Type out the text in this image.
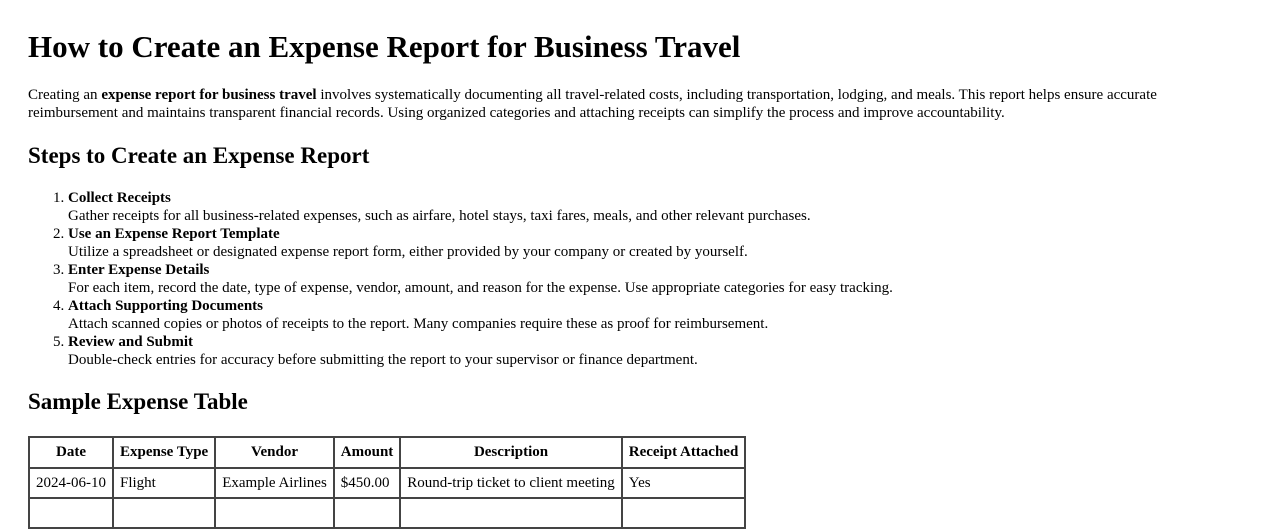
How to Create an Expense Report for Business Travel

Creating an expense report for business travel involves systematically documenting all travel-related costs, including transportation, lodging, and meals. This report helps ensure accurate reimbursement and maintains transparent financial records. Using organized categories and attaching receipts can simplify the process and improve accountability.

Steps to Create an Expense Report
1. Collect Receipts
Gather receipts for all business-related expenses, such as airfare, hotel stays, taxi fares, meals, and other relevant purchases.
2. Use an Expense Report Template
Utilize a spreadsheet or designated expense report form, either provided by your company or created by yourself.
3. Enter Expense Details
For each item, record the date, type of expense, vendor, amount, and reason for the expense. Use appropriate categories for easy tracking.
4. Attach Supporting Documents
Attach scanned copies or photos of receipts to the report. Many companies require these as proof for reimbursement.
5. Review and Submit
Double-check entries for accuracy before submitting the report to your supervisor or finance department.
Sample Expense Table
Date	Expense Type	Vendor	Amount	Description	Receipt Attached
2024-06-10	Flight	Example Airlines	$450.00	Round-trip ticket to client meeting	Yes
